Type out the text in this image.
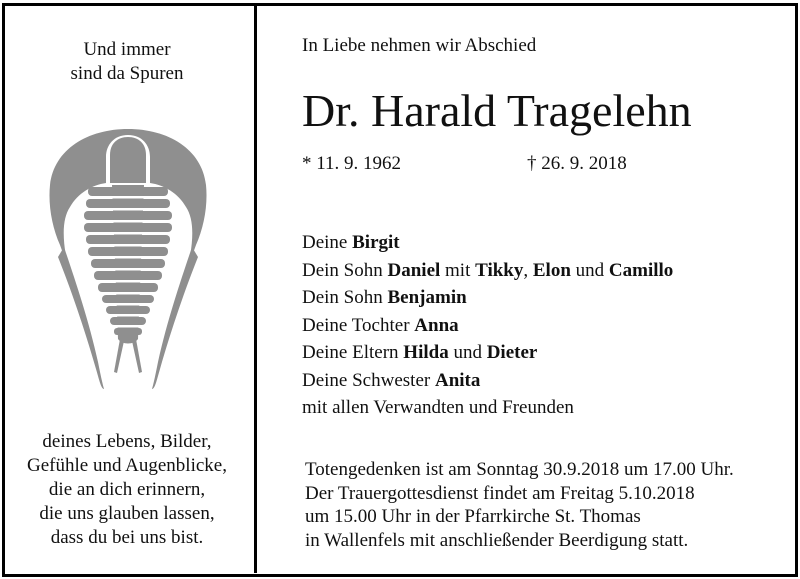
Und immer
sind da Spuren
deines Lebens, Bilder,
Gefühle und Augenblicke,
die an dich erinnern,
die uns glauben lassen,
dass du bei uns bist.
In Liebe nehmen wir Abschied
Dr. Harald Tragelehn
* 11. 9. 1962	† 26. 9. 2018
Deine Birgit
Dein Sohn Daniel mit Tikky, Elon und Camillo
Dein Sohn Benjamin
Deine Tochter Anna
Deine Eltern Hilda und Dieter
Deine Schwester Anita
mit allen Verwandten und Freunden
Totengedenken ist am Sonntag 30.9.2018 um 17.00 Uhr.
Der Trauergottesdienst findet am Freitag 5.10.2018
um 15.00 Uhr in der Pfarrkirche St. Thomas
in Wallenfels mit anschließender Beerdigung statt.
